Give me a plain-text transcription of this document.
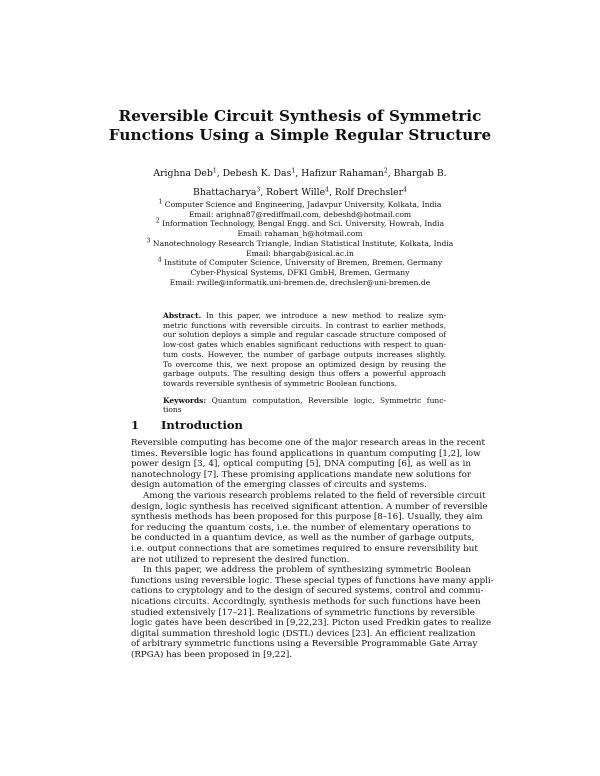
Reversible Circuit Synthesis of Symmetric
Functions Using a Simple Regular Structure
Arighna Deb$^1$, Debesh K. Das$^1$, Hafizur Rahaman$^2$, Bhargab B.
Bhattacharya$^3$, Robert Wille$^4$, Rolf Drechsler$^4$
$^1$ Computer Science and Engineering, Jadavpur University, Kolkata, India
Email: arighna87@rediffmail.com, debeshd@hotmail.com
$^2$ Information Technology, Bengal Engg. and Sci. University, Howrah, India
Email: rahaman_h@hotmail.com
$^3$ Nanotechnology Research Triangle, Indian Statistical Institute, Kolkata, India
Email: bhargab@isical.ac.in
$^4$ Institute of Computer Science, University of Bremen, Bremen, Germany
Cyber-Physical Systems, DFKI GmbH, Bremen, Germany
Email: rwille@informatik.uni-bremen.de, drechsler@uni-bremen.de
Abstract. In this paper, we introduce a new method to realize sym-
metric functions with reversible circuits. In contrast to earlier methods,
our solution deploys a simple and regular cascade structure composed of
low-cost gates which enables significant reductions with respect to quan-
tum costs. However, the number of garbage outputs increases slightly.
To overcome this, we next propose an optimized design by reusing the
garbage outputs. The resulting design thus offers a powerful approach
towards reversible synthesis of symmetric Boolean functions.
Keywords: Quantum computation, Reversible logic, Symmetric func-
tions
1 Introduction
Reversible computing has become one of the major research areas in the recent
times. Reversible logic has found applications in quantum computing [1,2], low
power design [3, 4], optical computing [5], DNA computing [6], as well as in
nanotechnology [7]. These promising applications mandate new solutions for
design automation of the emerging classes of circuits and systems.
Among the various research problems related to the field of reversible circuit
design, logic synthesis has received significant attention. A number of reversible
synthesis methods has been proposed for this purpose [8–16]. Usually, they aim
for reducing the quantum costs, i.e. the number of elementary operations to
be conducted in a quantum device, as well as the number of garbage outputs,
i.e. output connections that are sometimes required to ensure reversibility but
are not utilized to represent the desired function.
In this paper, we address the problem of synthesizing symmetric Boolean
functions using reversible logic. These special types of functions have many appli-
cations to cryptology and to the design of secured systems, control and commu-
nications circuits. Accordingly, synthesis methods for such functions have been
studied extensively [17–21]. Realizations of symmetric functions by reversible
logic gates have been described in [9,22,23]. Picton used Fredkin gates to realize
digital summation threshold logic (DSTL) devices [23]. An efficient realization
of arbitrary symmetric functions using a Reversible Programmable Gate Array
(RPGA) has been proposed in [9,22].
